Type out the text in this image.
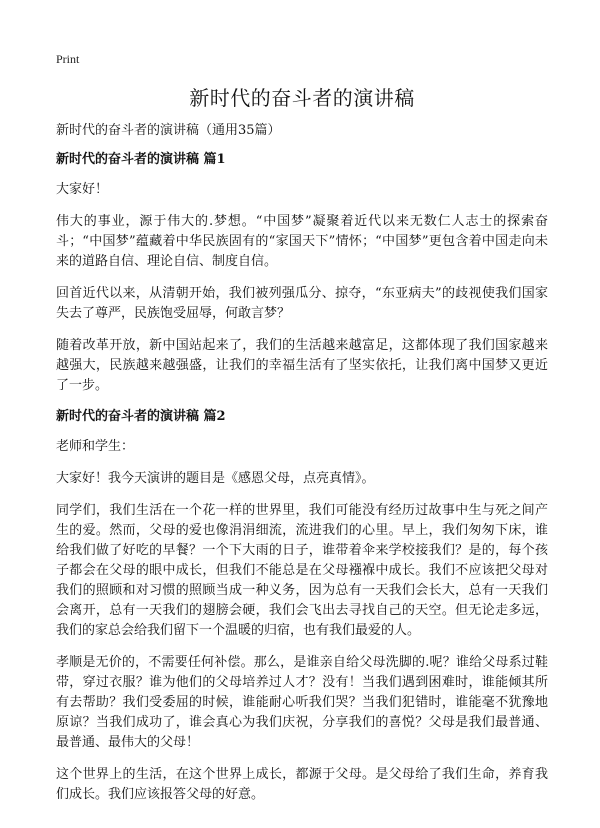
Print
新时代的奋斗者的演讲稿

新时代的奋斗者的演讲稿（通用35篇）

新时代的奋斗者的演讲稿 篇1

大家好！

伟大的事业，源于伟大的.梦想。“中国梦”凝聚着近代以来无数仁人志士的探索奋斗；“中国梦”蕴藏着中华民族固有的“家国天下”情怀；“中国梦”更包含着中国走向未来的道路自信、理论自信、制度自信。

回首近代以来，从清朝开始，我们被列强瓜分、掠夺，“东亚病夫”的歧视使我们国家失去了尊严，民族饱受屈辱，何敢言梦？

随着改革开放，新中国站起来了，我们的生活越来越富足，这都体现了我们国家越来越强大，民族越来越强盛，让我们的幸福生活有了坚实依托，让我们离中国梦又更近了一步。

新时代的奋斗者的演讲稿 篇2

老师和学生：

大家好！我今天演讲的题目是《感恩父母，点亮真情》。

同学们，我们生活在一个花一样的世界里，我们可能没有经历过故事中生与死之间产生的爱。然而，父母的爱也像涓涓细流，流进我们的心里。早上，我们匆匆下床，谁给我们做了好吃的早餐？一个下大雨的日子，谁带着伞来学校接我们？是的，每个孩子都会在父母的眼中成长，但我们不能总是在父母襁褓中成长。我们不应该把父母对我们的照顾和对习惯的照顾当成一种义务，因为总有一天我们会长大，总有一天我们会离开，总有一天我们的翅膀会硬，我们会飞出去寻找自己的天空。但无论走多远，我们的家总会给我们留下一个温暖的归宿，也有我们最爱的人。

孝顺是无价的，不需要任何补偿。那么，是谁亲自给父母洗脚的.呢？谁给父母系过鞋带，穿过衣服？谁为他们的父母培养过人才？没有！当我们遇到困难时，谁能倾其所有去帮助？我们受委屈的时候，谁能耐心听我们哭？当我们犯错时，谁能毫不犹豫地原谅？当我们成功了，谁会真心为我们庆祝，分享我们的喜悦？父母是我们最普通、最普通、最伟大的父母！

这个世界上的生活，在这个世界上成长，都源于父母。是父母给了我们生命，养育我们成长。我们应该报答父母的好意。
